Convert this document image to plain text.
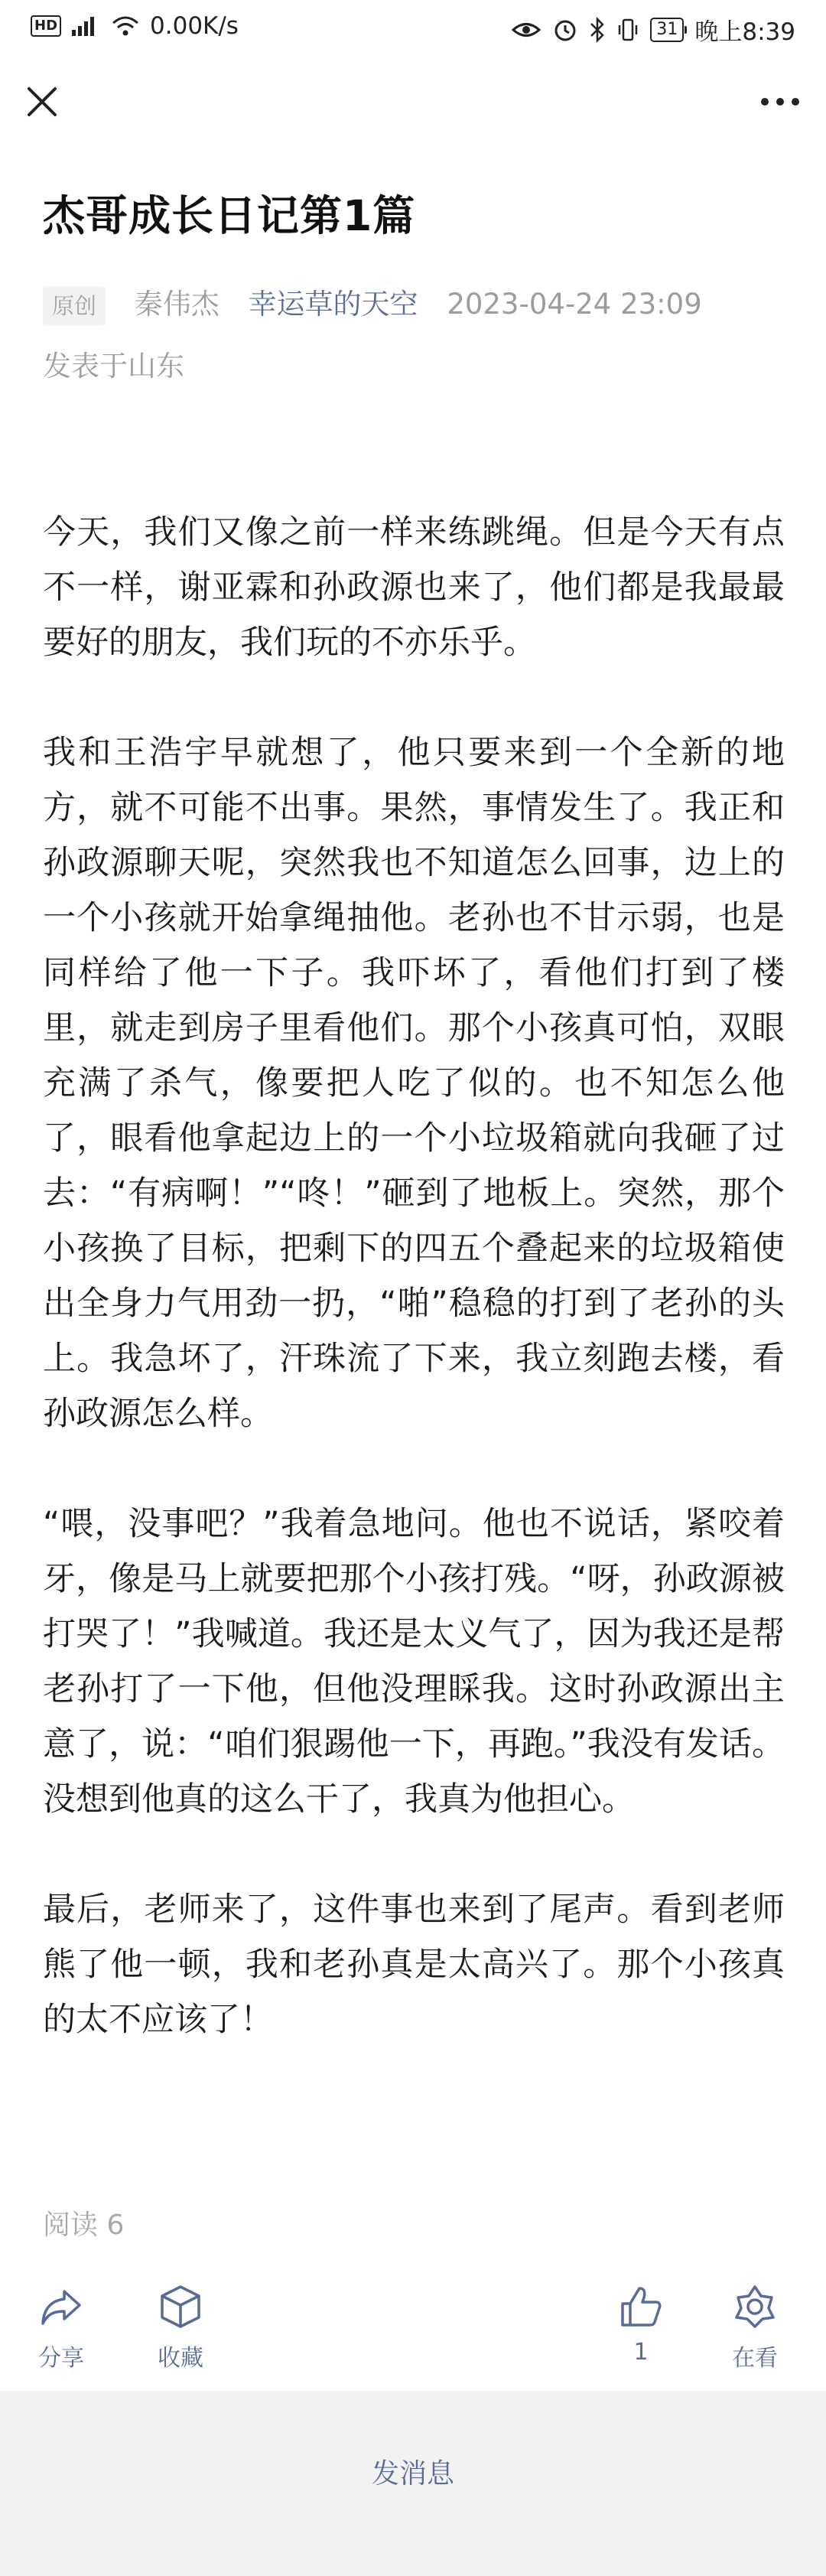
HD	0.00K/s	31 晚上8:39
杰哥成长日记第1篇
原创 秦伟杰 幸运草的天空 2023-04-24 23:09
发表于山东

今天，我们又像之前一样来练跳绳。但是今天有点不一样，谢亚霖和孙政源也来了，他们都是我最最要好的朋友，我们玩的不亦乐乎。

我和王浩宇早就想了，他只要来到一个全新的地方，就不可能不出事。果然，事情发生了。我正和孙政源聊天呢，突然我也不知道怎么回事，边上的一个小孩就开始拿绳抽他。老孙也不甘示弱，也是同样给了他一下子。我吓坏了，看他们打到了楼里，就走到房子里看他们。那个小孩真可怕，双眼充满了杀气，像要把人吃了似的。也不知怎么他了，眼看他拿起边上的一个小垃圾箱就向我砸了过去：“有病啊！”“咚！”砸到了地板上。突然，那个小孩换了目标，把剩下的四五个叠起来的垃圾箱使出全身力气用劲一扔，“啪”稳稳的打到了老孙的头上。我急坏了，汗珠流了下来，我立刻跑去楼，看孙政源怎么样。

“喂，没事吧？”我着急地问。他也不说话，紧咬着牙，像是马上就要把那个小孩打残。“呀，孙政源被打哭了！”我喊道。我还是太义气了，因为我还是帮老孙打了一下他，但他没理睬我。这时孙政源出主意了，说：“咱们狠踢他一下，再跑。”我没有发话。没想到他真的这么干了，我真为他担心。

最后，老师来了，这件事也来到了尾声。看到老师熊了他一顿，我和老孙真是太高兴了。那个小孩真的太不应该了！

阅读 6
分享	收藏	1	在看
发消息
